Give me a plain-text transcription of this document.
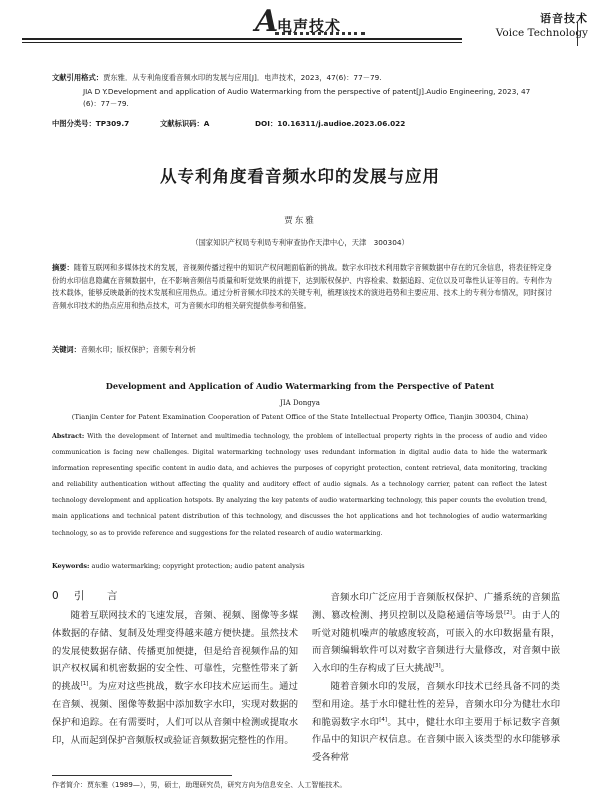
A
电声技术	语音技术
Voice Technology
文献引用格式：贾东雅．从专利角度看音频水印的发展与应用[J]．电声技术，2023，47(6)：77－79.
JIA D Y.Development and application of Audio Watermarking from the perspective of patent[J].Audio Engineering, 2023, 47
(6)：77－79.
中图分类号：TP309.7	文献标识码：A	DOI：10.16311/j.audioe.2023.06.022
从专利角度看音频水印的发展与应用
贾东雅
（国家知识产权局专利局专利审查协作天津中心，天津　300304）
摘要：随着互联网和多媒体技术的发展，音视频传播过程中的知识产权问题面临新的挑战。数字水印技术利用数字音频数据中存在的冗余信息，将表征特定身份的水印信息隐藏在音频数据中，在不影响音频信号质量和听觉效果的前提下，达到版权保护、内容检索、数据追踪、定位以及可靠性认证等目的。专利作为技术载体，能够反映最新的技术发展和应用热点。通过分析音频水印技术的关键专利，梳理该技术的演进趋势和主要应用、技术上的专利分布情况，同时探讨音频水印技术的热点应用和热点技术，可为音频水印的相关研究提供参考和借鉴。
关键词：音频水印；版权保护；音频专利分析
Development and Application of Audio Watermarking from the Perspective of Patent
JIA Dongya
(Tianjin Center for Patent Examination Cooperation of Patent Office of the State Intellectual Property Office, Tianjin 300304, China)
Abstract: With the development of Internet and multimedia technology, the problem of intellectual property rights in the process of audio and video communication is facing new challenges. Digital watermarking technology uses redundant information in digital audio data to hide the watermark information representing specific content in audio data, and achieves the purposes of copyright protection, content retrieval, data monitoring, tracking and reliability authentication without affecting the quality and auditory effect of audio signals. As a technology carrier, patent can reflect the latest technology development and application hotspots. By analyzing the key patents of audio watermarking technology, this paper counts the evolution trend, main applications and technical patent distribution of this technology, and discusses the hot applications and hot technologies of audio watermarking technology, so as to provide reference and suggestions for the related research of audio watermarking.
Keywords: audio watermarking; copyright protection; audio patent analysis
0 引　言

随着互联网技术的飞速发展，音频、视频、图像等多媒体数据的存储、复制及处理变得越来越方便快捷。虽然技术的发展使数据存储、传播更加便捷，但是给音视频作品的知识产权权属和机密数据的安全性、可靠性，完整性带来了新的挑战[1]。为应对这些挑战，数字水印技术应运而生。通过在音频、视频、图像等数据中添加数字水印，实现对数据的保护和追踪。在有需要时，人们可以从音频中检测或提取水印，从而起到保护音频版权或验证音频数据完整性的作用。

音频水印广泛应用于音频版权保护、广播系统的音频监测、篡改检测、拷贝控制以及隐秘通信等场景[2]。由于人的听觉对随机噪声的敏感度较高，可嵌入的水印数据量有限，而音频编辑软件可以对数字音频进行大量修改，对音频中嵌入水印的生存构成了巨大挑战[3]。

随着音频水印的发展，音频水印技术已经具备不同的类型和用途。基于水印健壮性的差异，音频水印分为健壮水印和脆弱数字水印[4]。其中，健壮水印主要用于标记数字音频作品中的知识产权信息。在音频中嵌入该类型的水印能够承受各种常

作者简介：贾东雅（1989—），男，硕士，助理研究员，研究方向为信息安全、人工智能技术。
